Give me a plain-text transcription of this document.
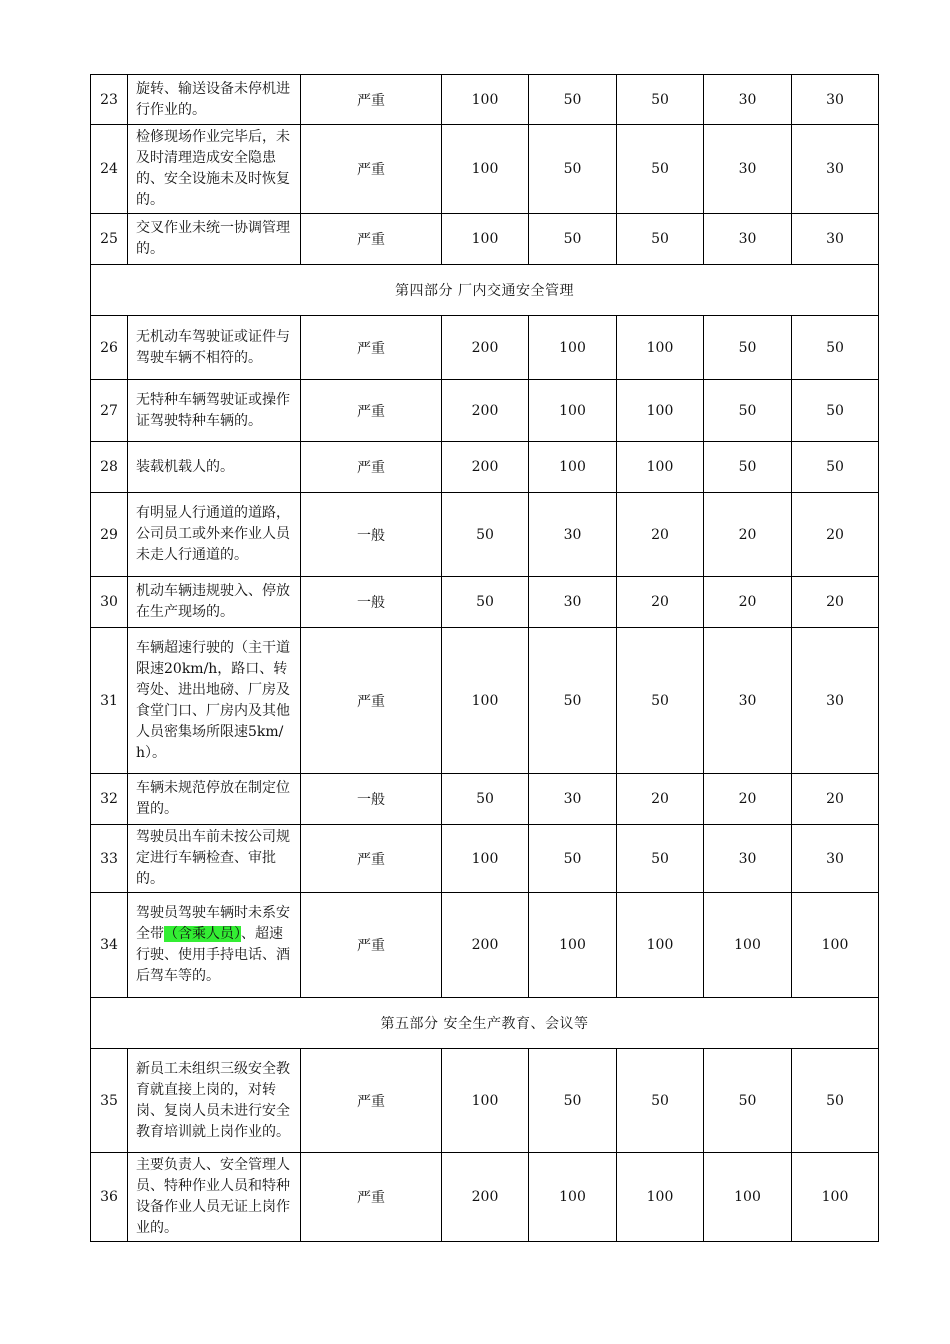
23	旋转、输送设备未停机进行作业的。	严重	100	50	50	30	30
24	检修现场作业完毕后，未及时清理造成安全隐患的、安全设施未及时恢复的。	严重	100	50	50	30	30
25	交叉作业未统一协调管理的。	严重	100	50	50	30	30
第四部分 厂内交通安全管理							
26	无机动车驾驶证或证件与驾驶车辆不相符的。	严重	200	100	100	50	50
27	无特种车辆驾驶证或操作证驾驶特种车辆的。	严重	200	100	100	50	50
28	装载机载人的。	严重	200	100	100	50	50
29	有明显人行通道的道路，公司员工或外来作业人员未走人行通道的。	一般	50	30	20	20	20
30	机动车辆违规驶入、停放在生产现场的。	一般	50	30	20	20	20
31	车辆超速行驶的（主干道限速20km/h，路口、转弯处、进出地磅、厂房及食堂门口、厂房内及其他人员密集场所限速5km/h）。	严重	100	50	50	30	30
32	车辆未规范停放在制定位置的。	一般	50	30	20	20	20
33	驾驶员出车前未按公司规定进行车辆检查、审批的。	严重	100	50	50	30	30
34	驾驶员驾驶车辆时未系安全带（含乘人员）、超速行驶、使用手持电话、酒后驾车等的。	严重	200	100	100	100	100
第五部分 安全生产教育、会议等							
35	新员工未组织三级安全教育就直接上岗的，对转岗、复岗人员未进行安全教育培训就上岗作业的。	严重	100	50	50	50	50
36	主要负责人、安全管理人员、特种作业人员和特种设备作业人员无证上岗作业的。	严重	200	100	100	100	100
